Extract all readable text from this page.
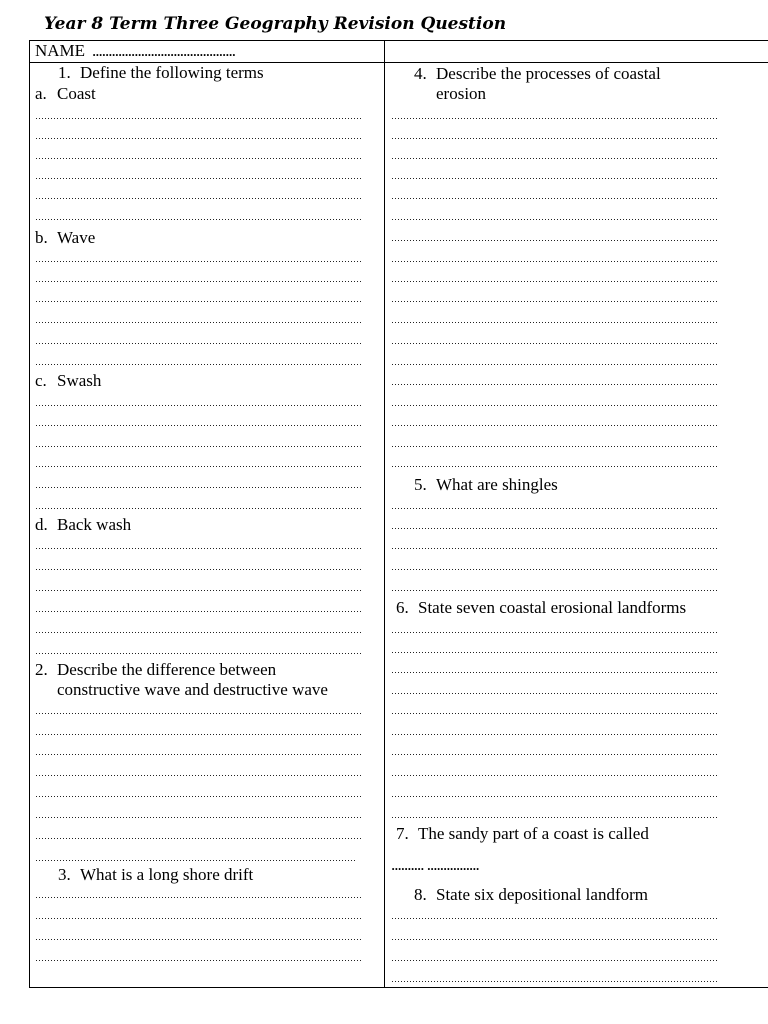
Year 8 Term Three Geography Revision Question
NAME ............................................
1. Define the following terms
a. Coast
b. Wave
c. Swash
d. Back wash
2. Describe the difference between
constructive wave and destructive wave
3. What is a long shore drift
4. Describe the processes of coastal
erosion
5. What are shingles
6. State seven coastal erosional landforms
7. The sandy part of a coast is called
.......... ................
8. State six depositional landform
